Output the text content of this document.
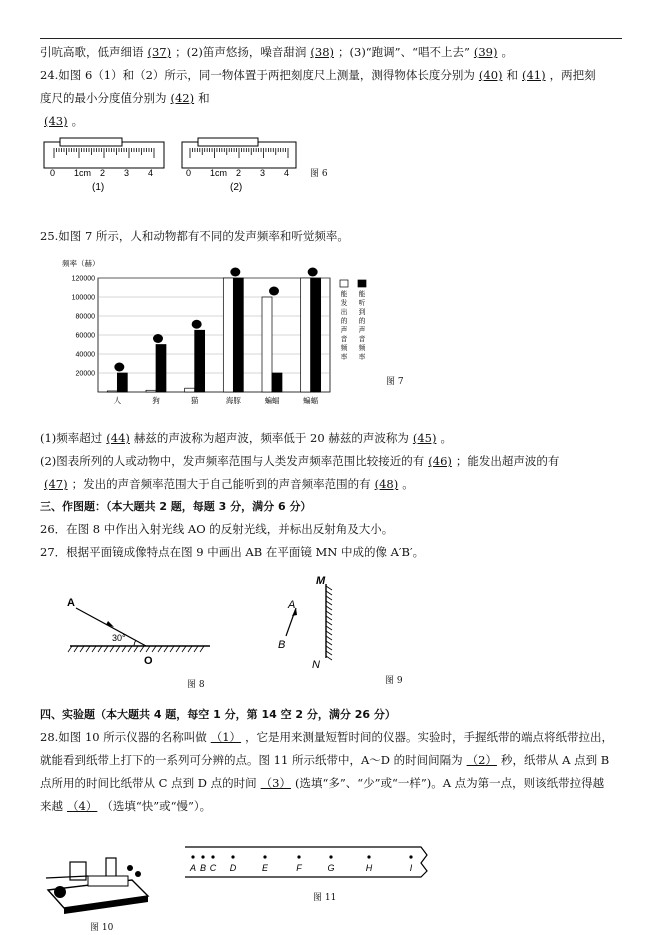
引吭高歌，低声细语 (37) ；(2)笛声悠扬，噪音甜润 (38) ；(3)“跑调”、“唱不上去” (39) 。
24.如图 6（1）和（2）所示，同一物体置于两把刻度尺上测量，测得物体长度分别为 (40) 和 (41) ，两把刻
度尺的最小分度值分别为 (42) 和
(43) 。
0 1cm 2 3 4
(1)
0 1cm 2 3 4
(2)
图 6
25.如图 7 所示，人和动物都有不同的发声频率和听觉频率。
频率（赫）
20000
40000
60000
80000
100000
120000
人	狗	猫	海豚	蝙蝠	蝙蝠
能
发
出
的
声
音
频
率
能
听
到
的
声
音
频
率
图 7
(1)频率超过 (44) 赫兹的声波称为超声波，频率低于 20 赫兹的声波称为 (45) 。
(2)图表所列的人或动物中，发声频率范围与人类发声频率范围比较接近的有 (46) ；能发出超声波的有
(47) ；发出的声音频率范围大于自己能听到的声音频率范围的有 (48) 。
三、作图题：（本大题共 2 题，每题 3 分，满分 6 分）
26．在图 8 中作出入射光线 AO 的反射光线，并标出反射角及大小。
27．根据平面镜成像特点在图 9 中画出 AB 在平面镜 MN 中成的像 A′B′。
A
30°
O
图 8
M
N
A
B
图 9
四、实验题（本大题共 4 题，每空 1 分，第 14 空 2 分，满分 26 分）
28.如图 10 所示仪器的名称叫做 （1） ，它是用来测量短暂时间的仪器。实验时，手握纸带的端点将纸带拉出，
就能看到纸带上打下的一系列可分辨的点。图 11 所示纸带中，A～D 的时间间隔为 （2） 秒，纸带从 A 点到 B
点所用的时间比纸带从 C 点到 D 点的时间 （3） (选填“多”、“少”或“一样”)。A 点为第一点，则该纸带拉得越
来越 （4） （选填“快”或“慢”）。
图 10
A B C D	E	F	G	H	I
图 11
